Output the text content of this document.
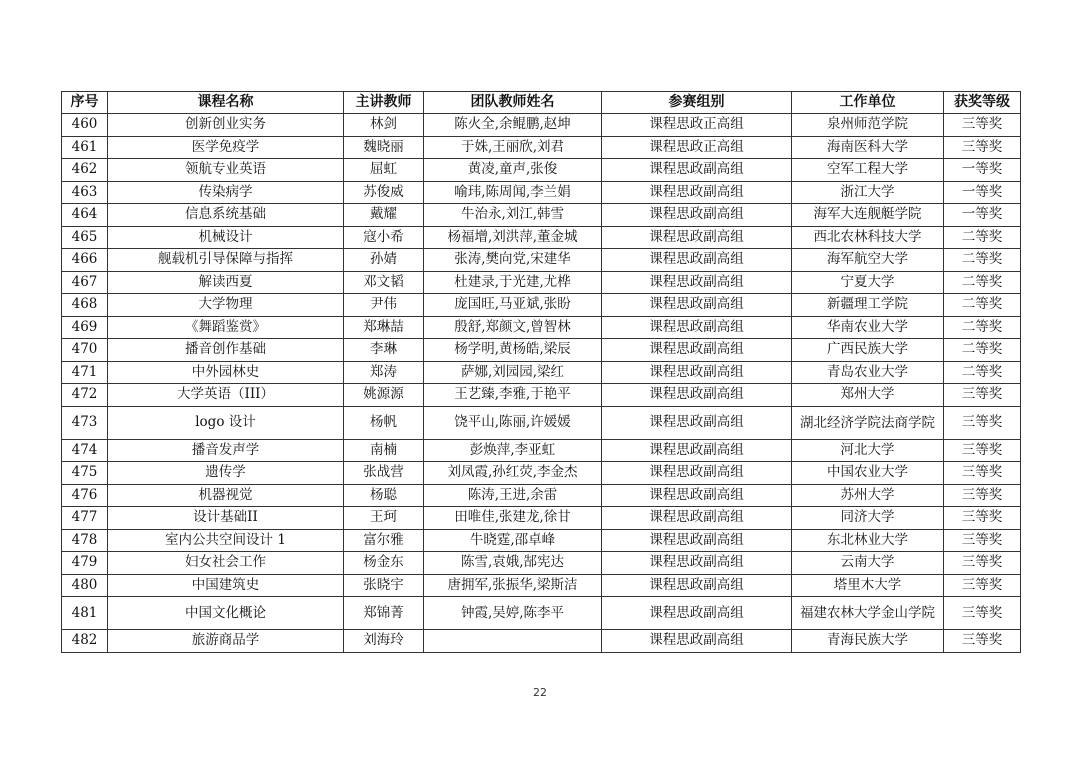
序号	课程名称	主讲教师	团队教师姓名	参赛组别	工作单位	获奖等级
460	创新创业实务	林剑	陈火全,余鲲鹏,赵坤	课程思政正高组	泉州师范学院	三等奖
461	医学免疫学	魏晓丽	于姝,王丽欣,刘君	课程思政正高组	海南医科大学	三等奖
462	领航专业英语	屈虹	黄凌,童声,张俊	课程思政副高组	空军工程大学	一等奖
463	传染病学	苏俊威	喻玮,陈周闻,李兰娟	课程思政副高组	浙江大学	一等奖
464	信息系统基础	戴耀	牛治永,刘江,韩雪	课程思政副高组	海军大连舰艇学院	一等奖
465	机械设计	寇小希	杨福增,刘洪萍,董金城	课程思政副高组	西北农林科技大学	二等奖
466	舰载机引导保障与指挥	孙婧	张涛,樊向党,宋建华	课程思政副高组	海军航空大学	二等奖
467	解读西夏	邓文韬	杜建录,于光建,尤桦	课程思政副高组	宁夏大学	二等奖
468	大学物理	尹伟	庞国旺,马亚斌,张盼	课程思政副高组	新疆理工学院	二等奖
469	《舞蹈鉴赏》	郑琳喆	殷舒,郑颜文,曾智林	课程思政副高组	华南农业大学	二等奖
470	播音创作基础	李琳	杨学明,黄杨皓,梁辰	课程思政副高组	广西民族大学	二等奖
471	中外园林史	郑涛	萨娜,刘园园,梁红	课程思政副高组	青岛农业大学	二等奖
472	大学英语（III）	姚源源	王艺臻,李雅,于艳平	课程思政副高组	郑州大学	三等奖
473	logo 设计	杨帆	饶平山,陈丽,许媛媛	课程思政副高组	湖北经济学院法商学院	三等奖
474	播音发声学	南楠	彭焕萍,李亚虹	课程思政副高组	河北大学	三等奖
475	遗传学	张战营	刘凤霞,孙红荧,李金杰	课程思政副高组	中国农业大学	三等奖
476	机器视觉	杨聪	陈涛,王进,余雷	课程思政副高组	苏州大学	三等奖
477	设计基础II	王珂	田唯佳,张建龙,徐甘	课程思政副高组	同济大学	三等奖
478	室内公共空间设计 1	富尔雅	牛晓霆,邵卓峰	课程思政副高组	东北林业大学	三等奖
479	妇女社会工作	杨金东	陈雪,袁娥,郜宪达	课程思政副高组	云南大学	三等奖
480	中国建筑史	张晓宇	唐拥军,张振华,梁斯洁	课程思政副高组	塔里木大学	三等奖
481	中国文化概论	郑锦菁	钟霞,吴婷,陈李平	课程思政副高组	福建农林大学金山学院	三等奖
482	旅游商品学	刘海玲		课程思政副高组	青海民族大学	三等奖
22
